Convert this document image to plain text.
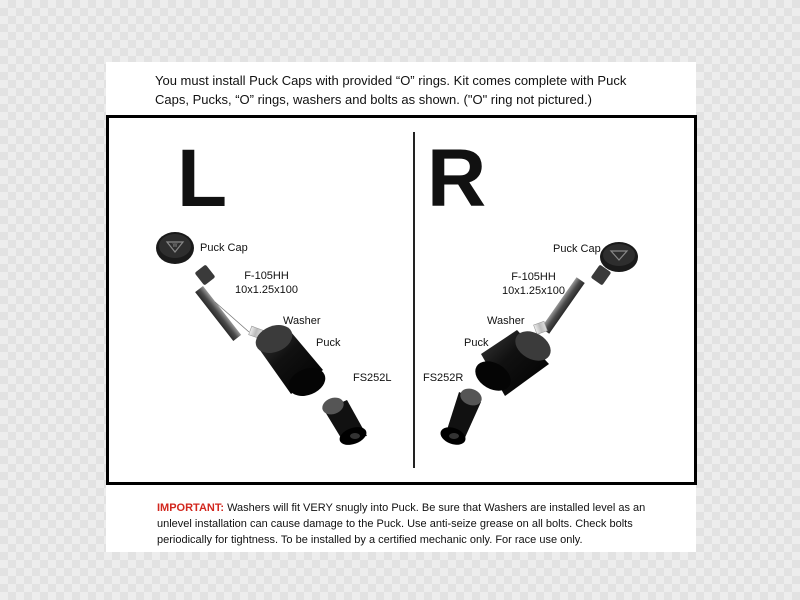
You must install Puck Caps with provided “O” rings. Kit comes complete with Puck Caps, Pucks, “O” rings, washers and bolts as shown. ("O" ring not pictured.)

L R
W Puck Cap
F-105HH
10x1.25x100
Washer
Puck
FS252L
Puck Cap
F-105HH
10x1.25x100
Washer
Puck
FS252R

IMPORTANT: Washers will fit VERY snugly into Puck. Be sure that Washers are installed level as an unlevel installation can cause damage to the Puck. Use anti-seize grease on all bolts. Check bolts periodically for tightness. To be installed by a certified mechanic only. For race use only.
